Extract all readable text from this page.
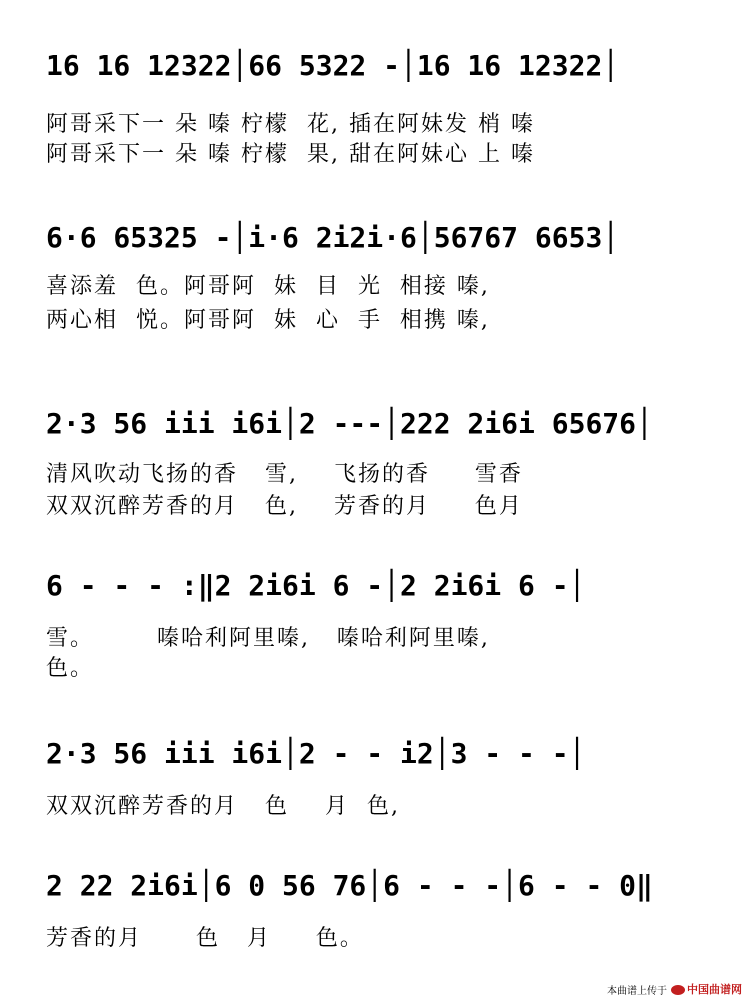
16 16 12322│66 5322 -│16 16 12322│
阿哥采下一 朵 嗪 柠檬  花, 插在阿妹发 梢 嗪
阿哥采下一 朵 嗪 柠檬  果, 甜在阿妹心 上 嗪
6·6 65325 -│i·6 2i2i·6│56767 6653│
喜添羞  色。阿哥阿  妹  目  光  相接 嗪,
两心相  悦。阿哥阿  妹  心  手  相携 嗪,
2·3 56 iii i6i│2 ---│222 2i6i 65676│
清风吹动飞扬的香   雪,    飞扬的香     雪香
双双沉醉芳香的月   色,    芳香的月     色月
6 - - - :‖2 2i6i 6 -│2 2i6i 6 -│
雪。       嗪哈利阿里嗪,   嗪哈利阿里嗪,
色。
2·3 56 iii i6i│2 - - i2│3 - - -│
双双沉醉芳香的月   色    月  色,
2 22 2i6i│6 0 56 76│6 - - -│6 - - 0‖
芳香的月      色   月     色。
本曲谱上传于	中国曲谱网
